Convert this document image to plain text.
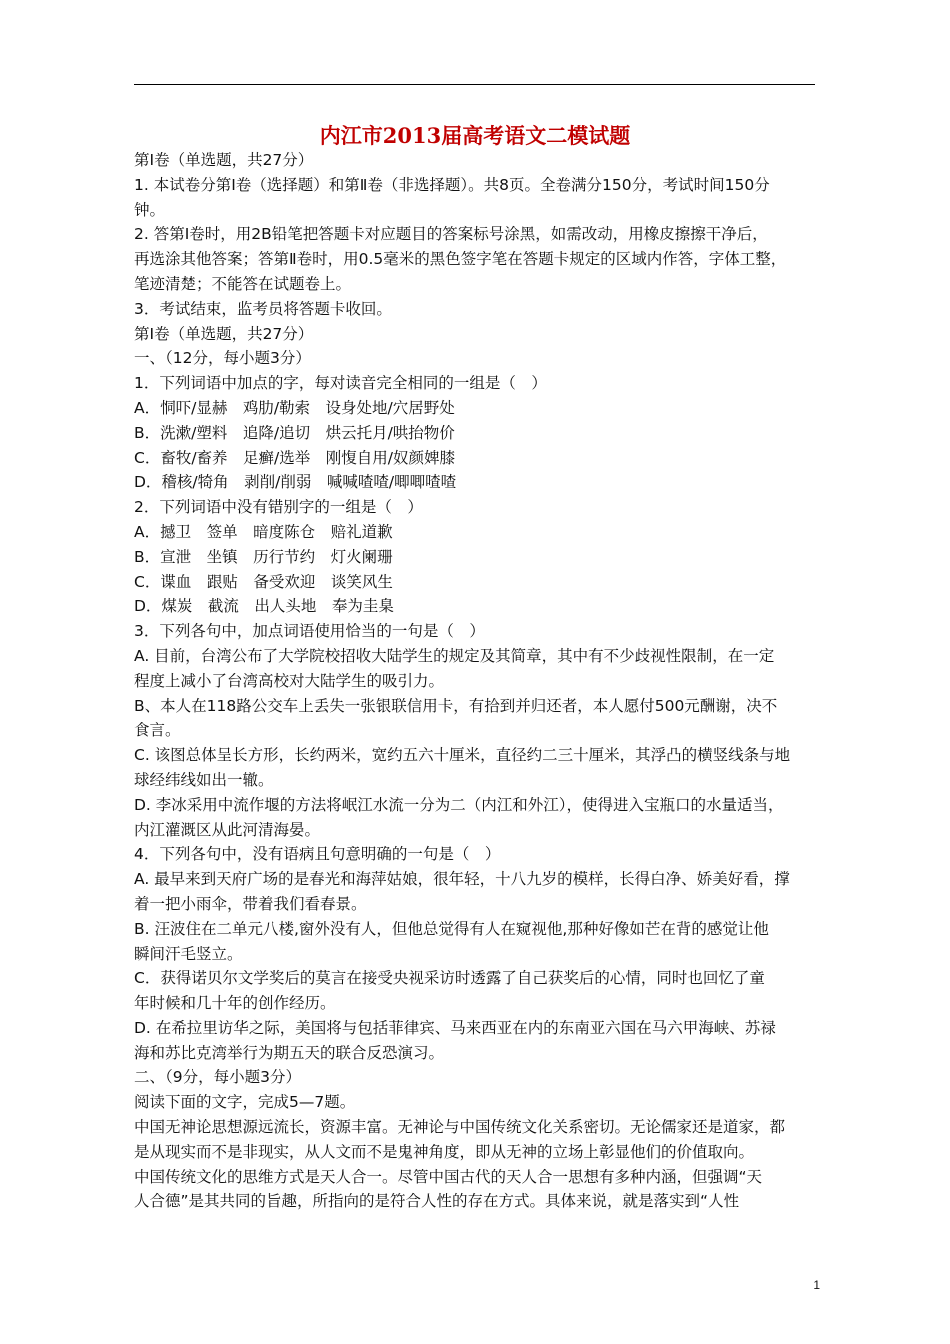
内江市2013届高考语文二模试题

第Ⅰ卷（单选题，共27分）

1. 本试卷分第Ⅰ卷（选择题）和第Ⅱ卷（非选择题）。共8页。全卷满分150分，考试时间150分

钟。

2. 答第Ⅰ卷时，用2B铅笔把答题卡对应题目的答案标号涂黑，如需改动，用橡皮擦擦干净后，

再选涂其他答案；答第Ⅱ卷时，用0.5毫米的黑色签字笔在答题卡规定的区域内作答，字体工整，

笔迹清楚；不能答在试题卷上。

3．考试结束，监考员将答题卡收回。

第Ⅰ卷（单选题，共27分）

一、（12分，每小题3分）

1．下列词语中加点的字，每对读音完全相同的一组是（　）

A．恫吓/显赫　鸡肋/勒索　设身处地/穴居野处

B．洗漱/塑料　追降/追切　烘云托月/哄抬物价

C．畜牧/畜养　足癣/选举　刚愎自用/奴颜婢膝

D．稽核/犄角　剥削/削弱　喊喊喳喳/唧唧喳喳

2．下列词语中没有错别字的一组是（　）

A．撼卫　签单　暗度陈仓　赔礼道歉

B．宣泄　坐镇　历行节约　灯火阑珊

C．谍血　跟贴　备受欢迎　谈笑风生

D．煤炭　截流　出人头地　奉为圭臬

3．下列各句中，加点词语使用恰当的一句是（　）

A. 目前，台湾公布了大学院校招收大陆学生的规定及其简章，其中有不少歧视性限制，在一定

程度上减小了台湾高校对大陆学生的吸引力。

B、本人在118路公交车上丢失一张银联信用卡，有拾到并归还者，本人愿付500元酬谢，决不

食言。

C. 该图总体呈长方形，长约两米，宽约五六十厘米，直径约二三十厘米，其浮凸的横竖线条与地

球经纬线如出一辙。

D. 李冰采用中流作堰的方法将岷江水流一分为二（内江和外江），使得进入宝瓶口的水量适当，

内江灌溉区从此河清海晏。

4．下列各句中，没有语病且句意明确的一句是（　）

A. 最早来到天府广场的是春光和海萍姑娘，很年轻，十八九岁的模样，长得白净、娇美好看，撑

着一把小雨伞，带着我们看春景。

B. 汪波住在二单元八楼,窗外没有人，但他总觉得有人在窥视他,那种好像如芒在背的感觉让他

瞬间汗毛竖立。

C．获得诺贝尔文学奖后的莫言在接受央视采访时透露了自己获奖后的心情，同时也回忆了童

年时候和几十年的创作经历。

D. 在希拉里访华之际，美国将与包括菲律宾、马来西亚在内的东南亚六国在马六甲海峡、苏禄

海和苏比克湾举行为期五天的联合反恐演习。

二、（9分，每小题3分）

阅读下面的文字，完成5—7题。

中国无神论思想源远流长，资源丰富。无神论与中国传统文化关系密切。无论儒家还是道家，都

是从现实而不是非现实，从人文而不是鬼神角度，即从无神的立场上彰显他们的价值取向。

中国传统文化的思维方式是天人合一。尽管中国古代的天人合一思想有多种内涵，但强调“天

人合德”是其共同的旨趣，所指向的是符合人性的存在方式。具体来说，就是落实到“人性

1
